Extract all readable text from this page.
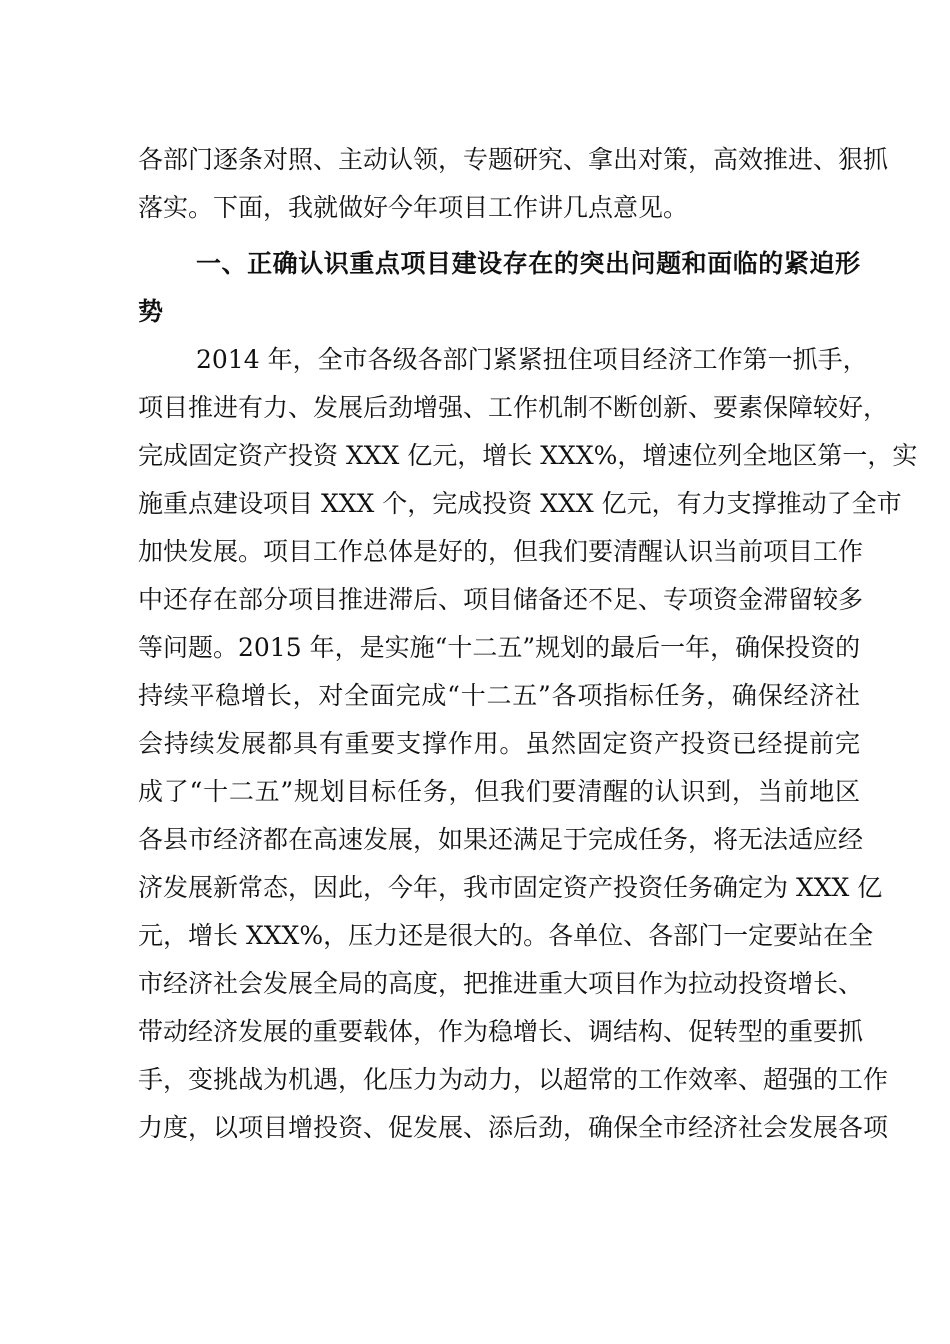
各部门逐条对照、主动认领，专题研究、拿出对策，高效推进、狠抓
落实。下面，我就做好今年项目工作讲几点意见。
一、正确认识重点项目建设存在的突出问题和面临的紧迫形
势
2014 年，全市各级各部门紧紧扭住项目经济工作第一抓手，
项目推进有力、发展后劲增强、工作机制不断创新、要素保障较好，
完成固定资产投资 XXX 亿元，增长 XXX%，增速位列全地区第一，实
施重点建设项目 XXX 个，完成投资 XXX 亿元，有力支撑推动了全市
加快发展。项目工作总体是好的，但我们要清醒认识当前项目工作
中还存在部分项目推进滞后、项目储备还不足、专项资金滞留较多
等问题。2015 年，是实施“十二五”规划的最后一年，确保投资的
持续平稳增长，对全面完成“十二五”各项指标任务，确保经济社
会持续发展都具有重要支撑作用。虽然固定资产投资已经提前完
成了“十二五”规划目标任务，但我们要清醒的认识到，当前地区
各县市经济都在高速发展，如果还满足于完成任务，将无法适应经
济发展新常态，因此，今年，我市固定资产投资任务确定为 XXX 亿
元，增长 XXX%，压力还是很大的。各单位、各部门一定要站在全
市经济社会发展全局的高度，把推进重大项目作为拉动投资增长、
带动经济发展的重要载体，作为稳增长、调结构、促转型的重要抓
手，变挑战为机遇，化压力为动力，以超常的工作效率、超强的工作
力度，以项目增投资、促发展、添后劲，确保全市经济社会发展各项
